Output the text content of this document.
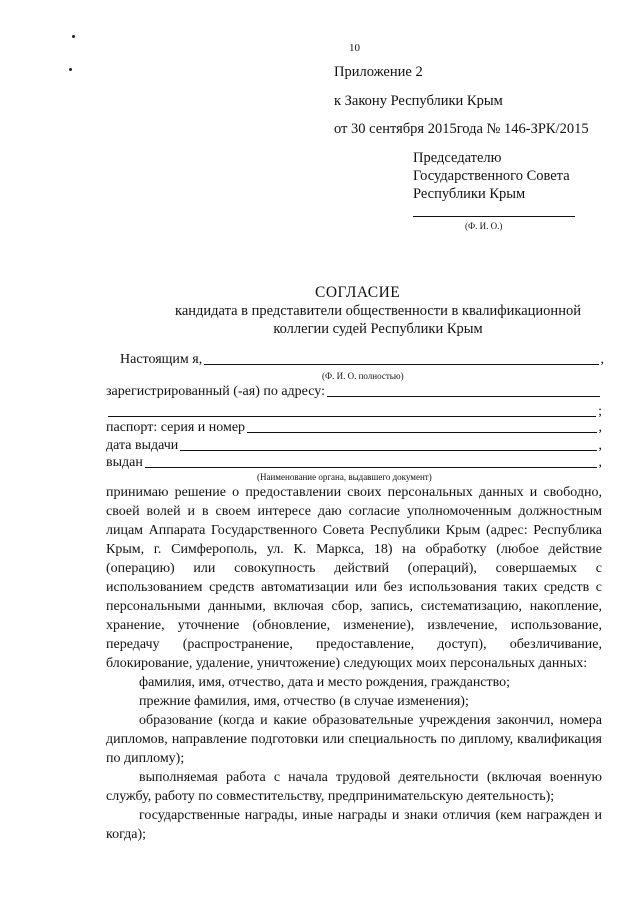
10
Приложение 2
к Закону Республики Крым
от 30 сентября 2015года № 146-ЗРК/2015
Председателю
Государственного Совета
Республики Крым
(Ф. И. О.)
СОГЛАСИЕ
кандидата в представители общественности в квалификационной
коллегии судей Республики Крым
Настоящим я,	,
(Ф. И. О. полностью)
зарегистрированный (-ая) по адресу:
;
паспорт: серия и номер	,
дата выдачи	,
выдан	,
(Наименование органа, выдавшего документ)

принимаю решение о предоставлении своих персональных данных и свободно, своей волей и в своем интересе даю согласие уполномоченным должностным лицам Аппарата Государственного Совета Республики Крым (адрес: Республика Крым, г. Симферополь, ул. К. Маркса, 18) на обработку (любое действие (операцию) или совокупность действий (операций), совершаемых с использованием средств автоматизации или без использования таких средств с персональными данными, включая сбор, запись, систематизацию, накопление, хранение, уточнение (обновление, изменение), извлечение, использование, передачу (распространение, предоставление, доступ), обезличивание, блокирование, удаление, уничтожение) следующих моих персональных данных:

фамилия, имя, отчество, дата и место рождения, гражданство;

прежние фамилия, имя, отчество (в случае изменения);

образование (когда и какие образовательные учреждения закончил, номера дипломов, направление подготовки или специальность по диплому, квалификация по диплому);

выполняемая работа с начала трудовой деятельности (включая военную службу, работу по совместительству, предпринимательскую деятельность);

государственные награды, иные награды и знаки отличия (кем награжден и когда);
